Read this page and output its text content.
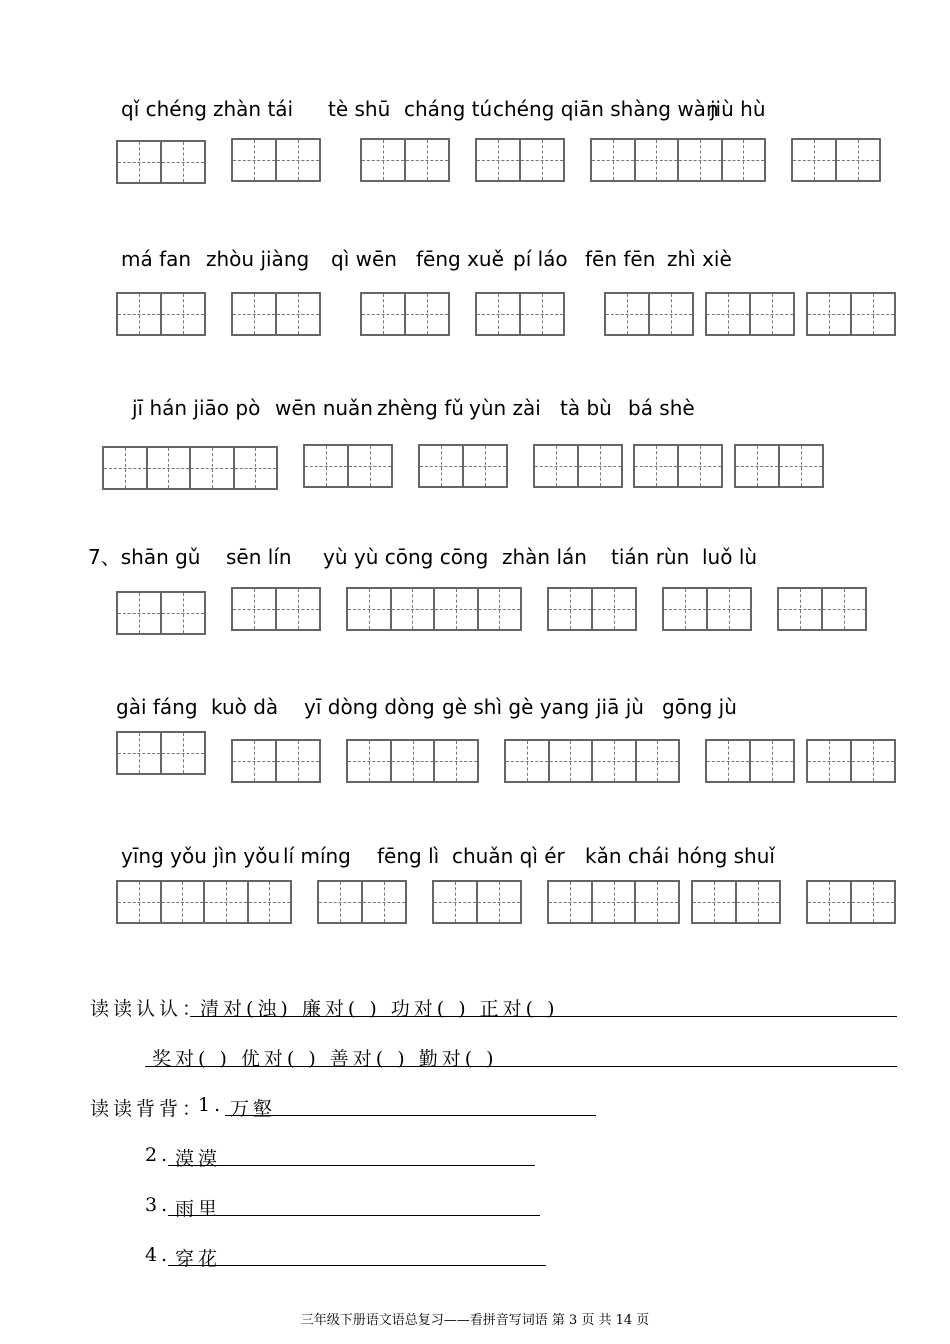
qǐ chéng zhàn tái tè shū cháng tú chéng qiān shàng wàn
jiù hù
má fan zhòu jiàng qì wēn fēng xuě pí láo fēn fēn zhì xiè
jī hán jiāo pò wēn nuǎn zhèng fǔ yùn zài tà bù bá shè
7、shān gǔ sēn lín yù yù cōng cōng zhàn lán tián rùn luǒ lù
gài fáng kuò dà yī dòng dòng gè shì gè yang jiā jù gōng jù
yīng yǒu jìn yǒu lí míng fēng lì chuǎn qì ér kǎn chái hóng shuǐ
读读认认：
清对(浊) 廉对( ) 功对( ) 正对( )
奖对( ) 优对( ) 善对( ) 勤对( )
读读背背：
1. 万壑
2. 漠漠
3. 雨里
4. 穿花
三年级下册语文语总复习——看拼音写词语 第 3 页 共 14 页
